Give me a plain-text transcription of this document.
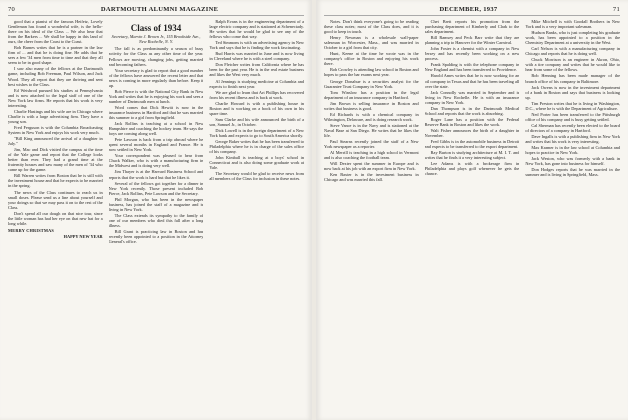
70	DARTMOUTH ALUMNI MAGAZINE

good that a pianist of the famous Heifetz, Lovely Gentleman has found a wonderful wife, is the hello-there on his ideal of the Class ... We also hear that from the Barkers ... We shall be happy in this land of ours, the cheer from the Coast to the Coast.

Bob Barnes writes that he is a partner in the law firm of ... and that he is doing fine. He adds that he sees a few '34 men from time to time and that they all seem to be in good shape.

I saw also many of the fellows at the Dartmouth game, including Bob Freeman, Paul Wilson, and Jack Wood. They all report that they are thriving and sent best wishes to the Class.

Ed Weisbrod pursued his studies at Pennsylvania and is now attached to the legal staff of one of the New York law firms. He reports that his work is very interesting.

Charlie Hastings and his wife are in Chicago where Charlie is with a large advertising firm. They have a young son.

Fred Ferguson is with the Columbia Broadcasting System in New York and enjoys his work very much.

"Bill King announced the arrival of a daughter in July."

Jim, Mac and Dick visited the campus at the time of the Yale game and report that the College looks better than ever. They had a grand time at the fraternity houses and saw many of the men of '34 who came up for the game.

Bill Warren writes from Boston that he is still with the investment house and that he expects to be married in the spring.

The news of the Class continues to reach us in small doses. Please send us a line about yourself and your doings so that we may pass it on to the rest of the Class.

Don't spend all our dough on that nice tour, since the little woman has had her eye on that new hat for a long while.

MERRY CHRISTMAS

HAPPY NEW YEAR

Class of 1934
Secretary, Marvin J. Brown Jr., 155 Brookside Ave., New Rochelle, N. Y.

The fall is as predominantly a season of busy activity for the Class as any other time of the year. Fellows are moving, changing jobs, getting married and becoming fathers.

Your secretary is glad to report that a good number of the fellows have answered the recent letter and that news is coming in more regularly than before. Keep it up.

Bob Pierce is with the National City Bank in New York and writes that he is enjoying his work and sees a number of Dartmouth men at lunch.

Word comes that Dick Hewitt is now in the insurance business in Hartford and that he was married this summer to a girl from Springfield.

Jack Rollins is teaching at a school in New Hampshire and coaching the hockey team. He says the boys are coming along well.

Pete Lawson is back from a trip abroad where he spent several months in England and France. He is now settled in New York.

Your correspondent was pleased to hear from Chuck Walker, who is with a manufacturing firm in the Midwest and is doing very well.

Jim Thayer is at the Harvard Business School and reports that the work is hard but that he likes it.

Several of the fellows got together for a dinner in New York recently. Those present included Bob Pierce, Jack Rollins, Pete Lawson and the Secretary.

Phil Morgan, who has been in the newspaper business, has joined the staff of a magazine and is living in New York.

The Class extends its sympathy to the family of one of our members who died this fall after a long illness.

Bill Grant is practicing law in Boston and has recently been appointed to a position in the Attorney General's office.

Ralph Evans is in the engineering department of a large electric company and is stationed at Schenectady. He writes that he would be glad to see any of the fellows who come that way.

Ted Simmons is with an advertising agency in New York and says that he is finding the work fascinating.

Bud Harris was married in June and is now living in Cleveland where he is with a steel company.

Don Fletcher writes from California where he has been for the past year. He is in the real estate business and likes the West very much.

Al Jennings is studying medicine at Columbia and expects to finish next year.

We are glad to learn that Art Phillips has recovered from his recent illness and is back at work.

Charlie Howard is with a publishing house in Boston and is working on a book of his own in his spare time.

Sam Clarke and his wife announced the birth of a son, Samuel Jr., in October.

Dick Lowell is in the foreign department of a New York bank and expects to go to South America shortly.

George Baker writes that he has been transferred to Philadelphia where he is in charge of the sales office of his company.

John Kimball is teaching at a boys' school in Connecticut and is also doing some graduate work at Yale.

The Secretary would be glad to receive news from all members of the Class for inclusion in these notes.

DECEMBER, 1937	71

Notes. Don't think everyone's going to be reading these class notes; most of the Class does, and it is good to keep in touch.

Henry Newman is a wholesale wall-paper salesman in Worcester, Mass., and was married in October to a girl from that city.

Hunt, Keene at the time he wrote was in the company's office in Boston and enjoying his work there.

Bob Crowley is attending law school in Boston and hopes to pass the bar exams next year.

George Donahue is a securities analyst for the Guarantee Trust Company in New York.

Tom Winslow has a position in the legal department of an insurance company in Hartford.

Jim Brown is selling insurance in Boston and writes that business is good.

Ed Richards is with a chemical company in Wilmington, Delaware, and is doing research work.

Steve Vance is in the Navy and is stationed at the Naval Base at San Diego. He writes that he likes the life.

Paul Stearns recently joined the staff of a New York newspaper as a reporter.

Al Merrill is teaching in a high school in Vermont and is also coaching the football team.

Will Dexter spent the summer in Europe and is now back at his job with an export firm in New York.

Ken Baxter is in the investment business in Chicago and was married this fall.

Chet Brett reports his promotion from the purchasing department of Kimberly and Clark to the sales department.

Bill Ramsey and Peck Barr write that they are planning a trip to Hanover for the Winter Carnival.

John Foster is a chemist with a company in New Jersey and has recently been working on a new process.

Frank Spalding is with the telephone company in New England and has been transferred to Providence.

Harold Ames writes that he is now working for an oil company in Texas and that he has been traveling all over the state.

Jack Connolly was married in September and is living in New Rochelle. He is with an insurance company in New York.

Dan Thompson is in the Dartmouth Medical School and reports that the work is absorbing.

Roger Lane has a position with the Federal Reserve Bank in Boston and likes the work.

Walt Fisher announces the birth of a daughter in November.

Fred Gibbs is in the automobile business in Detroit and expects to be transferred to the export department.

Ray Burton is studying architecture at M. I. T. and writes that he finds it a very interesting subject.

Lee Adams is with a brokerage firm in Philadelphia and plays golf whenever he gets the chance.

Mike Mitchell is with Goodall Brothers in New York and is a very important salesman.

Hudson Banks, who is just completing his graduate work, has been appointed to a position in the Chemistry Department at a university in the West.

Carl Nelson is with a manufacturing company in Chicago and reports that he is doing well.

Chuck Morrison is an engineer in Akron, Ohio, with a tire company and writes that he would like to hear from some of the fellows.

Bob Henning has been made manager of the branch office of his company in Baltimore.

Jack Owens is now in the investment department of a bank in Boston and says that business is looking up.

Tim Preston writes that he is living in Washington, D.C., where he is with the Department of Agriculture.

Ned Porter has been transferred to the Pittsburgh office of his company and is busy getting settled.

Cal Sherman has recently been elected to the board of directors of a company in Hartford.

Dave Ingalls is with a publishing firm in New York and writes that his work is very interesting.

Max Kramer is in the law school at Columbia and hopes to practice in New York.

Jack Weston, who was formerly with a bank in New York, has gone into business for himself.

Don Hodges reports that he was married in the summer and is living in Springfield, Mass.
